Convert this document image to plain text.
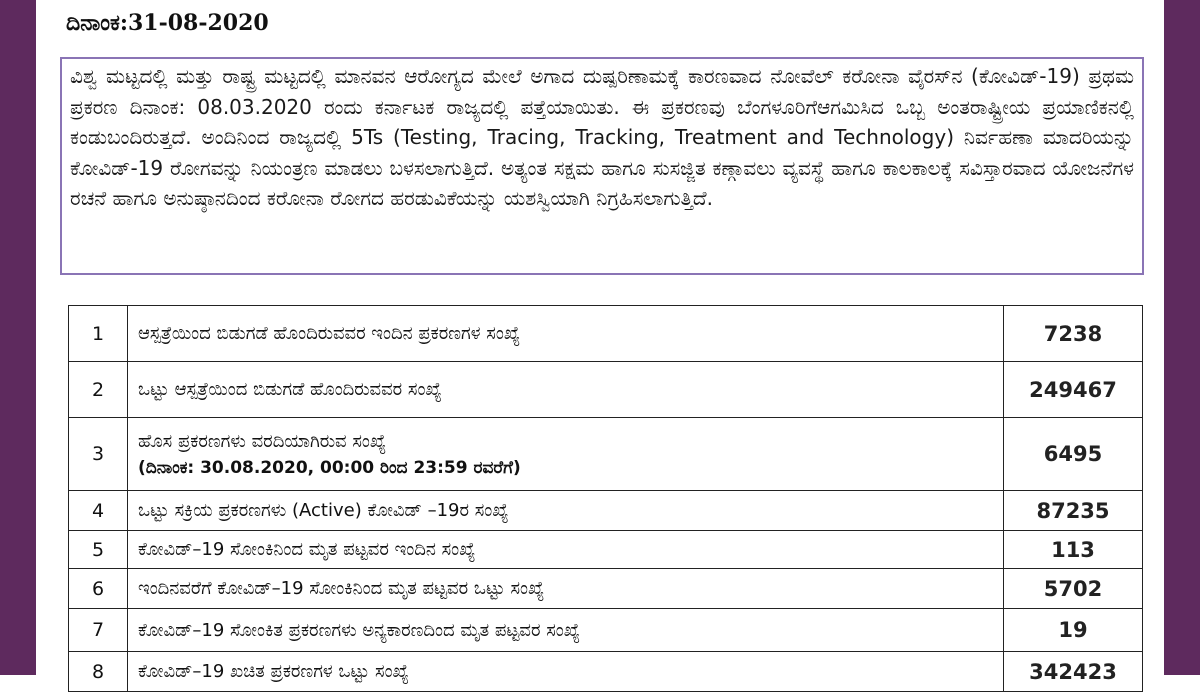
ದಿನಾಂಕ:31-08-2020
ವಿಶ್ವ ಮಟ್ಟದಲ್ಲಿ ಮತ್ತು ರಾಷ್ಟ್ರ ಮಟ್ಟದಲ್ಲಿ ಮಾನವನ ಆರೋಗ್ಯದ ಮೇಲೆ ಅಗಾದ ದುಷ್ಪರಿಣಾಮಕ್ಕೆ ಕಾರಣವಾದ ನೋವೆಲ್ ಕರೋನಾ ವೈರಸ್‌ನ (ಕೋವಿಡ್-19) ಪ್ರಥಮ ಪ್ರಕರಣ ದಿನಾಂಕ: 08.03.2020 ರಂದು ಕರ್ನಾಟಕ ರಾಜ್ಯದಲ್ಲಿ ಪತ್ತೆಯಾಯಿತು. ಈ ಪ್ರಕರಣವು ಬೆಂಗಳೂರಿಗೆಆಗಮಿಸಿದ ಒಬ್ಬ ಅಂತರಾಷ್ಟ್ರೀಯ ಪ್ರಯಾಣಿಕನಲ್ಲಿ ಕಂಡುಬಂದಿರುತ್ತದೆ. ಅಂದಿನಿಂದ ರಾಜ್ಯದಲ್ಲಿ 5Ts (Testing, Tracing, Tracking, Treatment and Technology) ನಿರ್ವಹಣಾ ಮಾದರಿಯನ್ನು ಕೋವಿಡ್-19 ರೋಗವನ್ನು ನಿಯಂತ್ರಣ ಮಾಡಲು ಬಳಸಲಾಗುತ್ತಿದೆ. ಅತ್ಯಂತ ಸಕ್ಷಮ ಹಾಗೂ ಸುಸಜ್ಜಿತ ಕಣ್ಗಾವಲು ವ್ಯವಸ್ಥೆ ಹಾಗೂ ಕಾಲಕಾಲಕ್ಕೆ ಸವಿಸ್ತಾರವಾದ ಯೋಜನೆಗಳ ರಚನೆ ಹಾಗೂ ಅನುಷ್ಠಾನದಿಂದ ಕರೋನಾ ರೋಗದ ಹರಡುವಿಕೆಯನ್ನು ಯಶಸ್ವಿಯಾಗಿ ನಿಗ್ರಹಿಸಲಾಗುತ್ತಿದೆ.
1	ಆಸ್ಪತ್ರೆಯಿಂದ ಬಿಡುಗಡೆ ಹೊಂದಿರುವವರ ಇಂದಿನ ಪ್ರಕರಣಗಳ ಸಂಖ್ಯೆ	7238
2	ಒಟ್ಟು ಆಸ್ಪತ್ರೆಯಿಂದ ಬಿಡುಗಡೆ ಹೊಂದಿರುವವರ ಸಂಖ್ಯೆ	249467
3	ಹೊಸ ಪ್ರಕರಣಗಳು ವರದಿಯಾಗಿರುವ ಸಂಖ್ಯೆ
(ದಿನಾಂಕ: 30.08.2020, 00:00 ರಿಂದ 23:59 ರವರೆಗೆ)	6495
4	ಒಟ್ಟು ಸಕ್ರಿಯ ಪ್ರಕರಣಗಳು (Active) ಕೋವಿಡ್ –19ರ ಸಂಖ್ಯೆ	87235
5	ಕೋವಿಡ್–19 ಸೋಂಕಿನಿಂದ ಮೃತ ಪಟ್ಟವರ ಇಂದಿನ ಸಂಖ್ಯೆ	113
6	ಇಂದಿನವರೆಗೆ ಕೋವಿಡ್–19 ಸೋಂಕಿನಿಂದ ಮೃತ ಪಟ್ಟವರ ಒಟ್ಟು ಸಂಖ್ಯೆ	5702
7	ಕೋವಿಡ್–19 ಸೋಂಕಿತ ಪ್ರಕರಣಗಳು ಅನ್ಯಕಾರಣದಿಂದ ಮೃತ ಪಟ್ಟವರ ಸಂಖ್ಯೆ	19
8	ಕೋವಿಡ್–19 ಖಚಿತ ಪ್ರಕರಣಗಳ ಒಟ್ಟು ಸಂಖ್ಯೆ	342423
